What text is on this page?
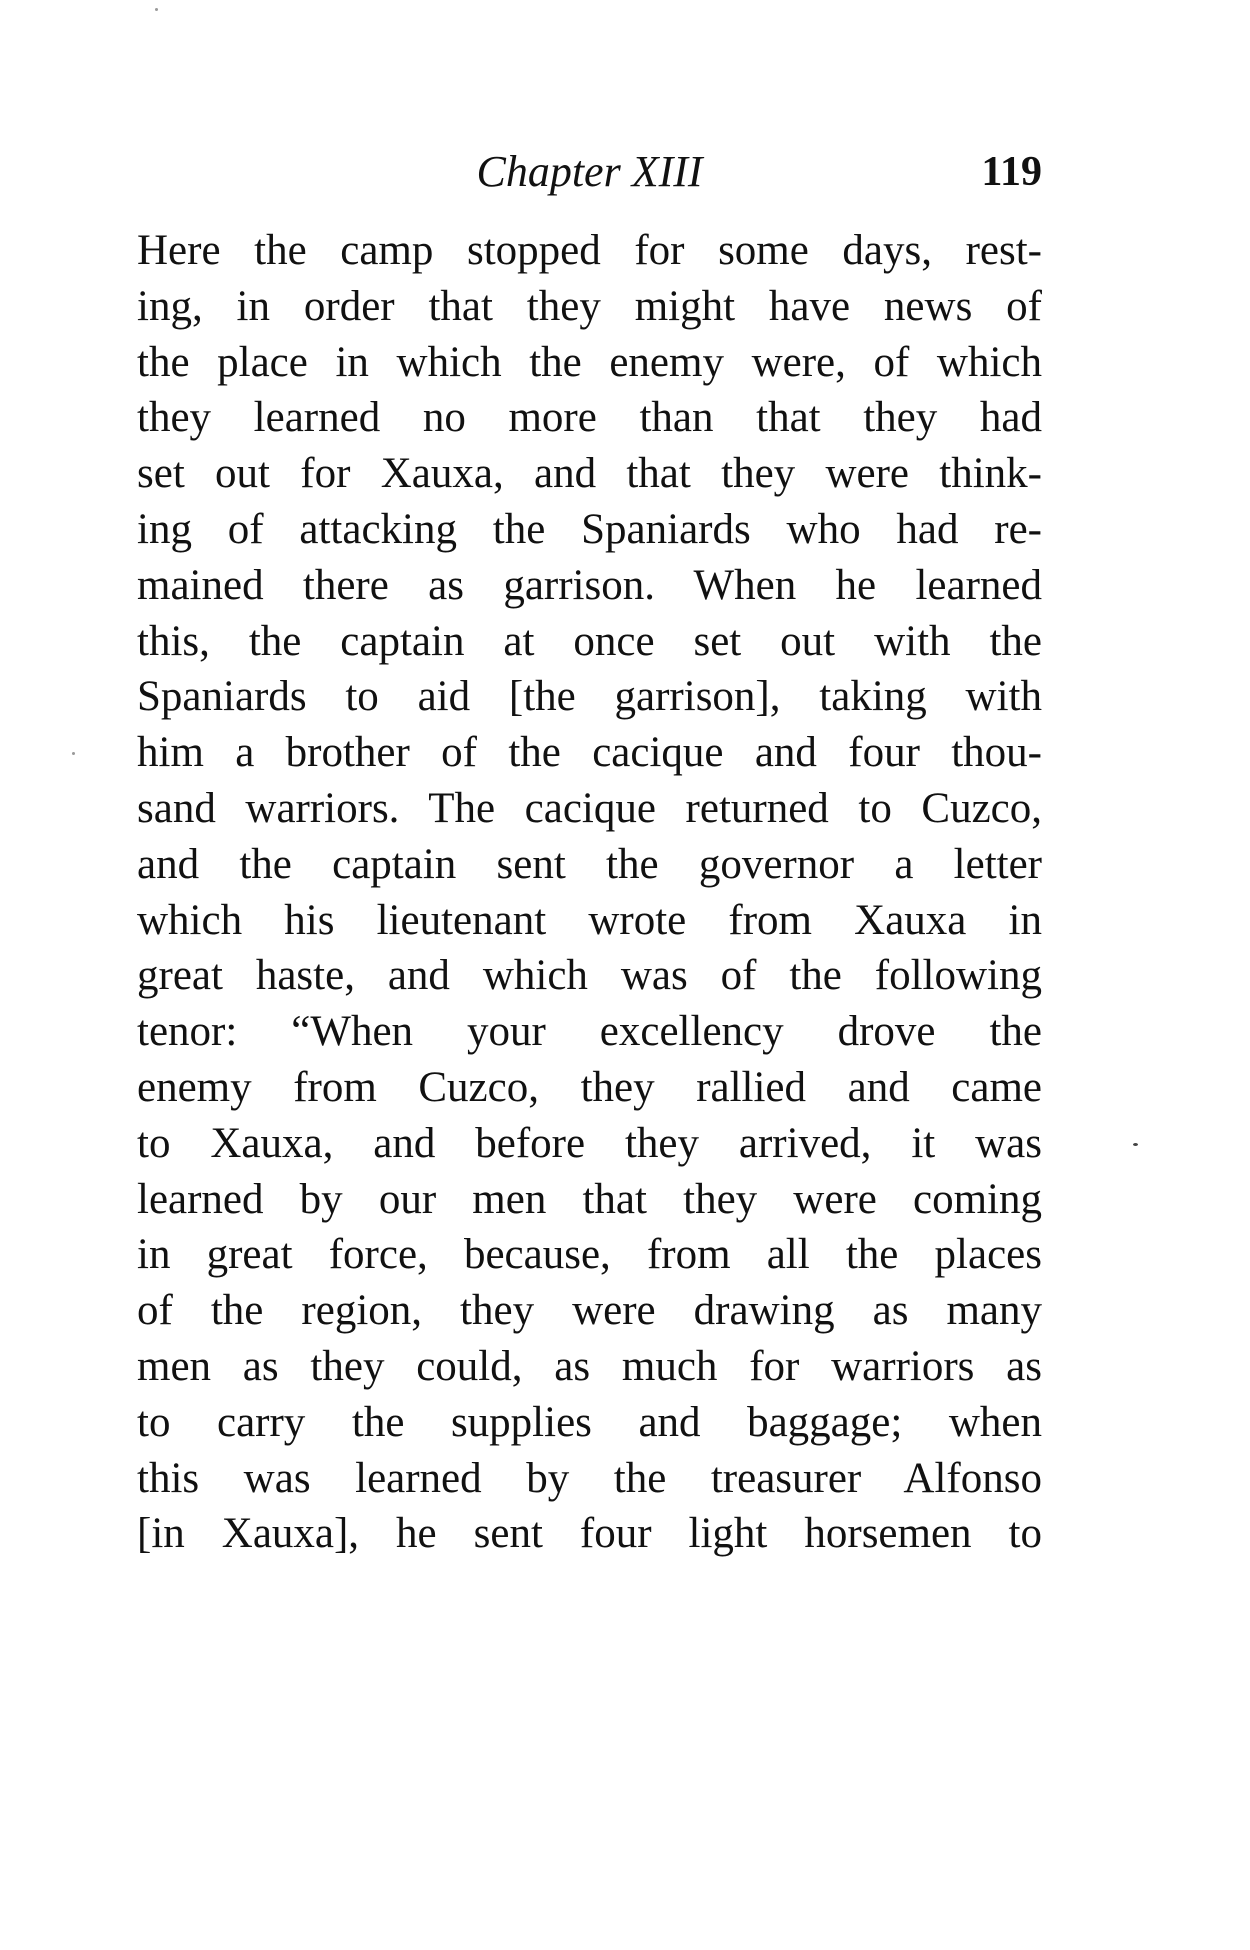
Chapter XIII	119
Here the camp stopped for some days, rest-
ing, in order that they might have news of
the place in which the enemy were, of which
they learned no more than that they had
set out for Xauxa, and that they were think-
ing of attacking the Spaniards who had re-
mained there as garrison. When he learned
this, the captain at once set out with the
Spaniards to aid [the garrison], taking with
him a brother of the cacique and four thou-
sand warriors. The cacique returned to Cuzco,
and the captain sent the governor a letter
which his lieutenant wrote from Xauxa in
great haste, and which was of the following
tenor: “When your excellency drove the
enemy from Cuzco, they rallied and came
to Xauxa, and before they arrived, it was
learned by our men that they were coming
in great force, because, from all the places
of the region, they were drawing as many
men as they could, as much for warriors as
to carry the supplies and baggage; when
this was learned by the treasurer Alfonso
[in Xauxa], he sent four light horsemen to
